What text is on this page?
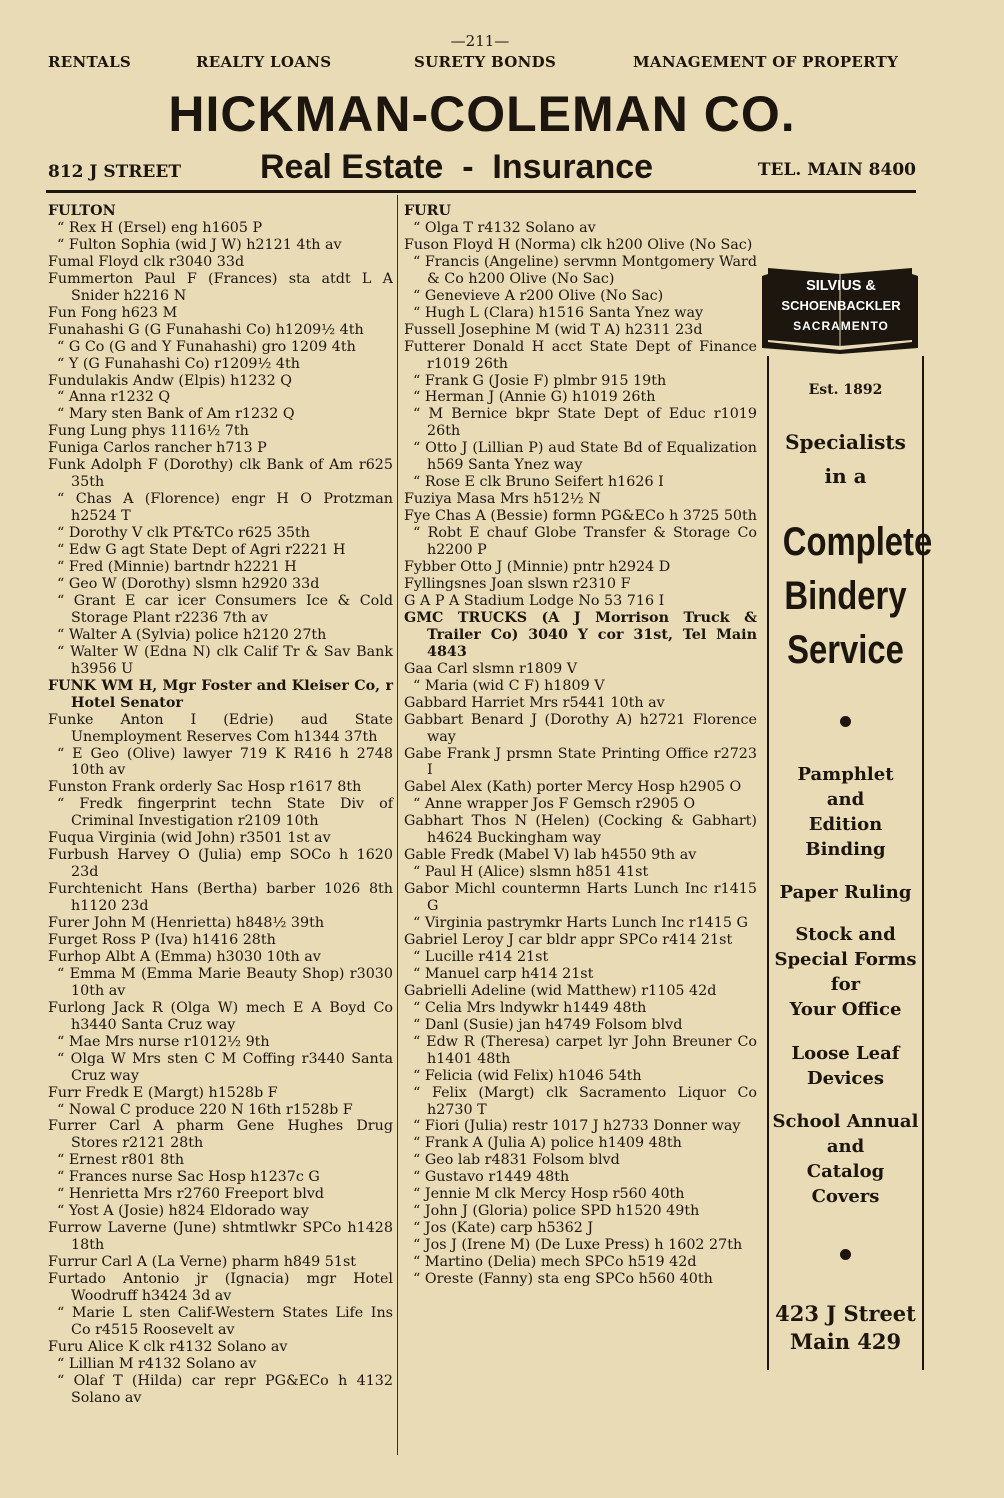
—211—
RENTALS	REALTY LOANS	SURETY BONDS	MANAGEMENT OF PROPERTY
HICKMAN-COLEMAN CO.
812 J STREET Real Estate  -  Insurance	TEL. MAIN 8400
FULTON
“ Rex H (Ersel) eng h1605 P
“ Fulton Sophia (wid J W) h2121 4th av
Fumal Floyd clk r3040 33d
Fummerton Paul F (Frances) sta atdt L A Snider h2216 N
Fun Fong h623 M
Funahashi G (G Funahashi Co) h1209½ 4th
“ G Co (G and Y Funahashi) gro 1209 4th
“ Y (G Funahashi Co) r1209½ 4th
Fundulakis Andw (Elpis) h1232 Q
“ Anna r1232 Q
“ Mary sten Bank of Am r1232 Q
Fung Lung phys 1116½ 7th
Funiga Carlos rancher h713 P
Funk Adolph F (Dorothy) clk Bank of Am r625 35th
“ Chas A (Florence) engr H O Protzman h2524 T
“ Dorothy V clk PT&TCo r625 35th
“ Edw G agt State Dept of Agri r2221 H
“ Fred (Minnie) bartndr h2221 H
“ Geo W (Dorothy) slsmn h2920 33d
“ Grant E car icer Consumers Ice & Cold Storage Plant r2236 7th av
“ Walter A (Sylvia) police h2120 27th
“ Walter W (Edna N) clk Calif Tr & Sav Bank h3956 U
FUNK WM H, Mgr Foster and Kleiser Co, r Hotel Senator
Funke Anton I (Edrie) aud State Unemployment Reserves Com h1344 37th
“ E Geo (Olive) lawyer 719 K R416 h 2748 10th av
Funston Frank orderly Sac Hosp r1617 8th
“ Fredk fingerprint techn State Div of Criminal Investigation r2109 10th
Fuqua Virginia (wid John) r3501 1st av
Furbush Harvey O (Julia) emp SOCo h 1620 23d
Furchtenicht Hans (Bertha) barber 1026 8th h1120 23d
Furer John M (Henrietta) h848½ 39th
Furget Ross P (Iva) h1416 28th
Furhop Albt A (Emma) h3030 10th av
“ Emma M (Emma Marie Beauty Shop) r3030 10th av
Furlong Jack R (Olga W) mech E A Boyd Co h3440 Santa Cruz way
“ Mae Mrs nurse r1012½ 9th
“ Olga W Mrs sten C M Coffing r3440 Santa Cruz way
Furr Fredk E (Margt) h1528b F
“ Nowal C produce 220 N 16th r1528b F
Furrer Carl A pharm Gene Hughes Drug Stores r2121 28th
“ Ernest r801 8th
“ Frances nurse Sac Hosp h1237c G
“ Henrietta Mrs r2760 Freeport blvd
“ Yost A (Josie) h824 Eldorado way
Furrow Laverne (June) shtmtlwkr SPCo h1428 18th
Furrur Carl A (La Verne) pharm h849 51st
Furtado Antonio jr (Ignacia) mgr Hotel Woodruff h3424 3d av
“ Marie L sten Calif-Western States Life Ins Co r4515 Roosevelt av
Furu Alice K clk r4132 Solano av
“ Lillian M r4132 Solano av
“ Olaf T (Hilda) car repr PG&ECo h 4132 Solano av
FURU
“ Olga T r4132 Solano av
Fuson Floyd H (Norma) clk h200 Olive (No Sac)
“ Francis (Angeline) servmn Montgomery Ward & Co h200 Olive (No Sac)
“ Genevieve A r200 Olive (No Sac)
“ Hugh L (Clara) h1516 Santa Ynez way
Fussell Josephine M (wid T A) h2311 23d
Futterer Donald H acct State Dept of Finance r1019 26th
“ Frank G (Josie F) plmbr 915 19th
“ Herman J (Annie G) h1019 26th
“ M Bernice bkpr State Dept of Educ r1019 26th
“ Otto J (Lillian P) aud State Bd of Equalization h569 Santa Ynez way
“ Rose E clk Bruno Seifert h1626 I
Fuziya Masa Mrs h512½ N
Fye Chas A (Bessie) formn PG&ECo h 3725 50th
“ Robt E chauf Globe Transfer & Storage Co h2200 P
Fybber Otto J (Minnie) pntr h2924 D
Fyllingsnes Joan slswn r2310 F
G A P A Stadium Lodge No 53 716 I
GMC TRUCKS (A J Morrison Truck & Trailer Co) 3040 Y cor 31st, Tel Main 4843
Gaa Carl slsmn r1809 V
“ Maria (wid C F) h1809 V
Gabbard Harriet Mrs r5441 10th av
Gabbart Benard J (Dorothy A) h2721 Florence way
Gabe Frank J prsmn State Printing Office r2723 I
Gabel Alex (Kath) porter Mercy Hosp h2905 O
“ Anne wrapper Jos F Gemsch r2905 O
Gabhart Thos N (Helen) (Cocking & Gabhart) h4624 Buckingham way
Gable Fredk (Mabel V) lab h4550 9th av
“ Paul H (Alice) slsmn h851 41st
Gabor Michl countermn Harts Lunch Inc r1415 G
“ Virginia pastrymkr Harts Lunch Inc r1415 G
Gabriel Leroy J car bldr appr SPCo r414 21st
“ Lucille r414 21st
“ Manuel carp h414 21st
Gabrielli Adeline (wid Matthew) r1105 42d
“ Celia Mrs lndywkr h1449 48th
“ Danl (Susie) jan h4749 Folsom blvd
“ Edw R (Theresa) carpet lyr John Breuner Co h1401 48th
“ Felicia (wid Felix) h1046 54th
“ Felix (Margt) clk Sacramento Liquor Co h2730 T
“ Fiori (Julia) restr 1017 J h2733 Donner way
“ Frank A (Julia A) police h1409 48th
“ Geo lab r4831 Folsom blvd
“ Gustavo r1449 48th
“ Jennie M clk Mercy Hosp r560 40th
“ John J (Gloria) police SPD h1520 49th
“ Jos (Kate) carp h5362 J
“ Jos J (Irene M) (De Luxe Press) h 1602 27th
“ Martino (Delia) mech SPCo h519 42d
“ Oreste (Fanny) sta eng SPCo h560 40th
SILVIUS &
SCHOENBACKLER
SACRAMENTO
Est. 1892
Specialists
in a
Complete
Bindery
Service
Pamphlet
and
Edition
Binding
Paper Ruling
Stock and
Special Forms
for
Your Office
Loose Leaf
Devices
School Annual
and
Catalog
Covers
423 J Street
Main 429
